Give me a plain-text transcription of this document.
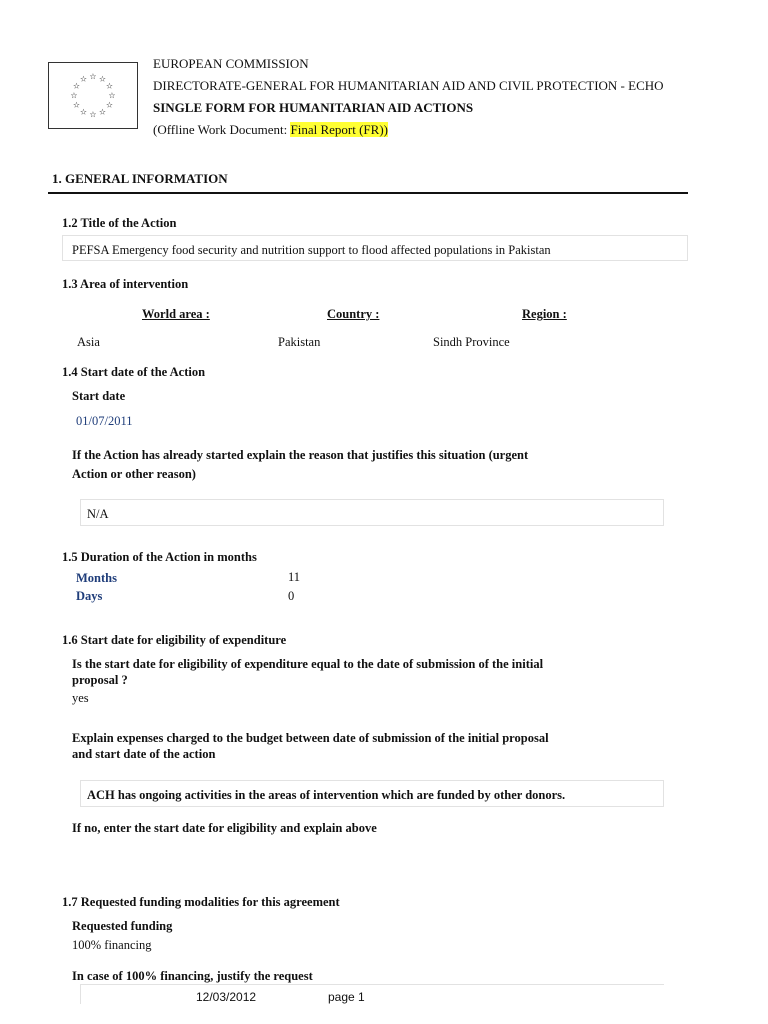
☆ ☆
☆
☆
☆
☆
☆
☆
☆
☆
☆
☆
EUROPEAN COMMISSION
DIRECTORATE-GENERAL FOR HUMANITARIAN AID AND CIVIL PROTECTION - ECHO
SINGLE FORM FOR HUMANITARIAN AID ACTIONS
(Offline Work Document: Final Report (FR))
1. GENERAL INFORMATION
1.2 Title of the Action
PEFSA Emergency food security and nutrition support to flood affected populations in Pakistan
1.3 Area of intervention
World area :	Country :	Region :
Asia	Pakistan	Sindh Province
1.4 Start date of the Action
Start date
01/07/2011
If the Action has already started explain the reason that justifies this situation (urgent
Action or other reason)
N/A
1.5 Duration of the Action in months
Months	11
Days	0
1.6 Start date for eligibility of expenditure
Is the start date for eligibility of expenditure equal to the date of submission of the initial
proposal ?
yes
Explain expenses charged to the budget between date of submission of the initial proposal
and start date of the action
ACH has ongoing activities in the areas of intervention which are funded by other donors.
If no, enter the start date for eligibility and explain above
1.7 Requested funding modalities for this agreement
Requested funding
100% financing
In case of 100% financing, justify the request
12/03/2012	page 1
